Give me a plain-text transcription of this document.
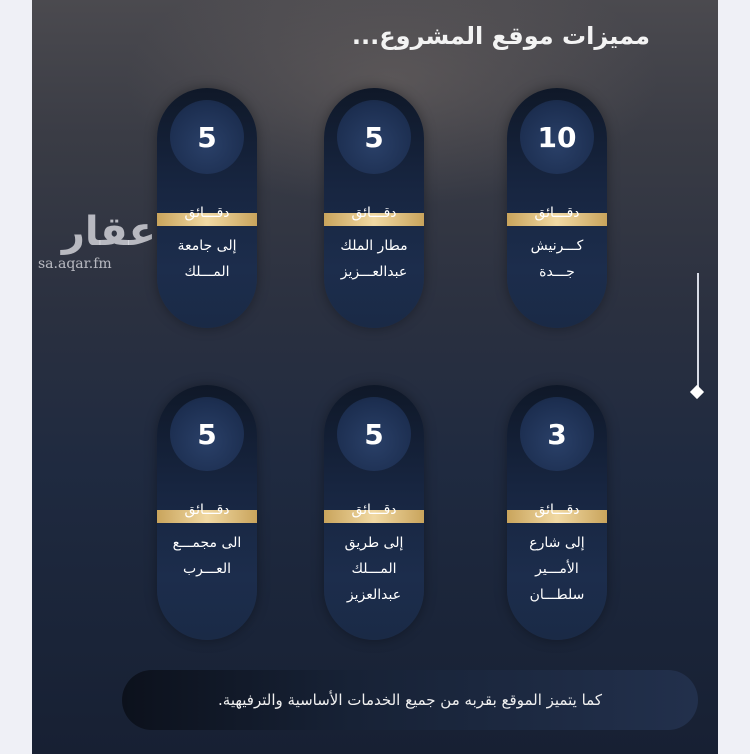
مميزات موقع المشروع...
عقار
sa.aqar.fm
10
دقـــائق
كـــرنيش
جـــدة
5
دقـــائق
مطار الملك
عبدالعـــزيز
5
دقـــائق
إلى جامعة
المـــلك
3
دقـــائق
إلى شارع
الأمـــير
سلطـــان
5
دقـــائق
إلى طريق
المـــلك
عبدالعزيز
5
دقـــائق
الى مجمـــع
العـــرب
كما يتميز الموقع بقربه من جميع الخدمات الأساسية والترفيهية.
